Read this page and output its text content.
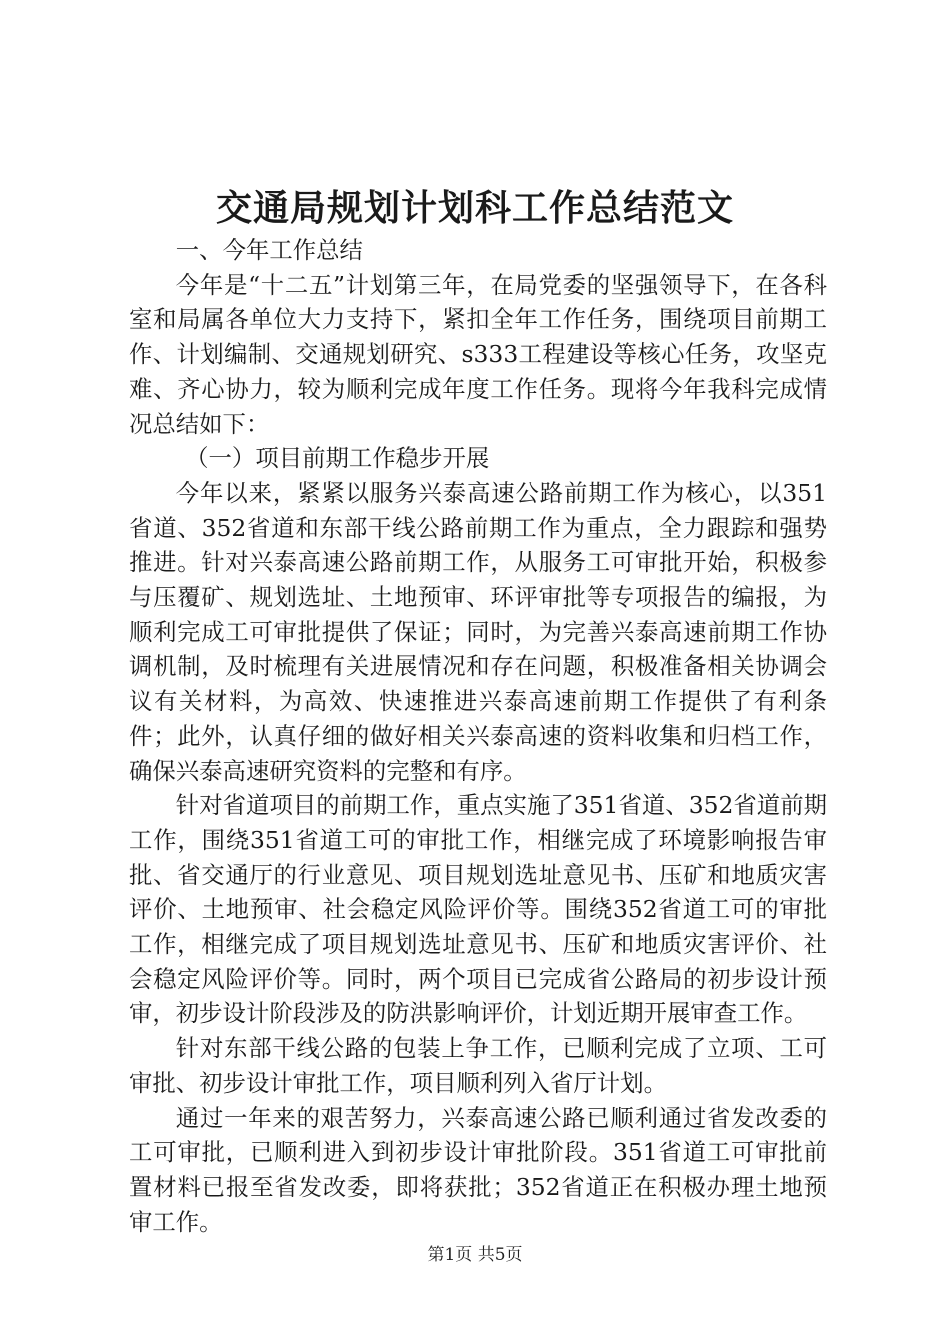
交通局规划计划科工作总结范文

一、今年工作总结

今年是“十二五”计划第三年，在局党委的坚强领导下，在各科室和局属各单位大力支持下，紧扣全年工作任务，围绕项目前期工作、计划编制、交通规划研究、s333工程建设等核心任务，攻坚克难、齐心协力，较为顺利完成年度工作任务。现将今年我科完成情况总结如下：

（一）项目前期工作稳步开展

今年以来，紧紧以服务兴泰高速公路前期工作为核心，以351省道、352省道和东部干线公路前期工作为重点，全力跟踪和强势推进。针对兴泰高速公路前期工作，从服务工可审批开始，积极参与压覆矿、规划选址、土地预审、环评审批等专项报告的编报，为顺利完成工可审批提供了保证；同时，为完善兴泰高速前期工作协调机制，及时梳理有关进展情况和存在问题，积极准备相关协调会议有关材料，为高效、快速推进兴泰高速前期工作提供了有利条件；此外，认真仔细的做好相关兴泰高速的资料收集和归档工作，确保兴泰高速研究资料的完整和有序。

针对省道项目的前期工作，重点实施了351省道、352省道前期工作，围绕351省道工可的审批工作，相继完成了环境影响报告审批、省交通厅的行业意见、项目规划选址意见书、压矿和地质灾害评价、土地预审、社会稳定风险评价等。围绕352省道工可的审批工作，相继完成了项目规划选址意见书、压矿和地质灾害评价、社会稳定风险评价等。同时，两个项目已完成省公路局的初步设计预审，初步设计阶段涉及的防洪影响评价，计划近期开展审查工作。

针对东部干线公路的包装上争工作，已顺利完成了立项、工可审批、初步设计审批工作，项目顺利列入省厅计划。

通过一年来的艰苦努力，兴泰高速公路已顺利通过省发改委的工可审批，已顺利进入到初步设计审批阶段。351省道工可审批前置材料已报至省发改委，即将获批；352省道正在积极办理土地预审工作。

第1页 共5页
